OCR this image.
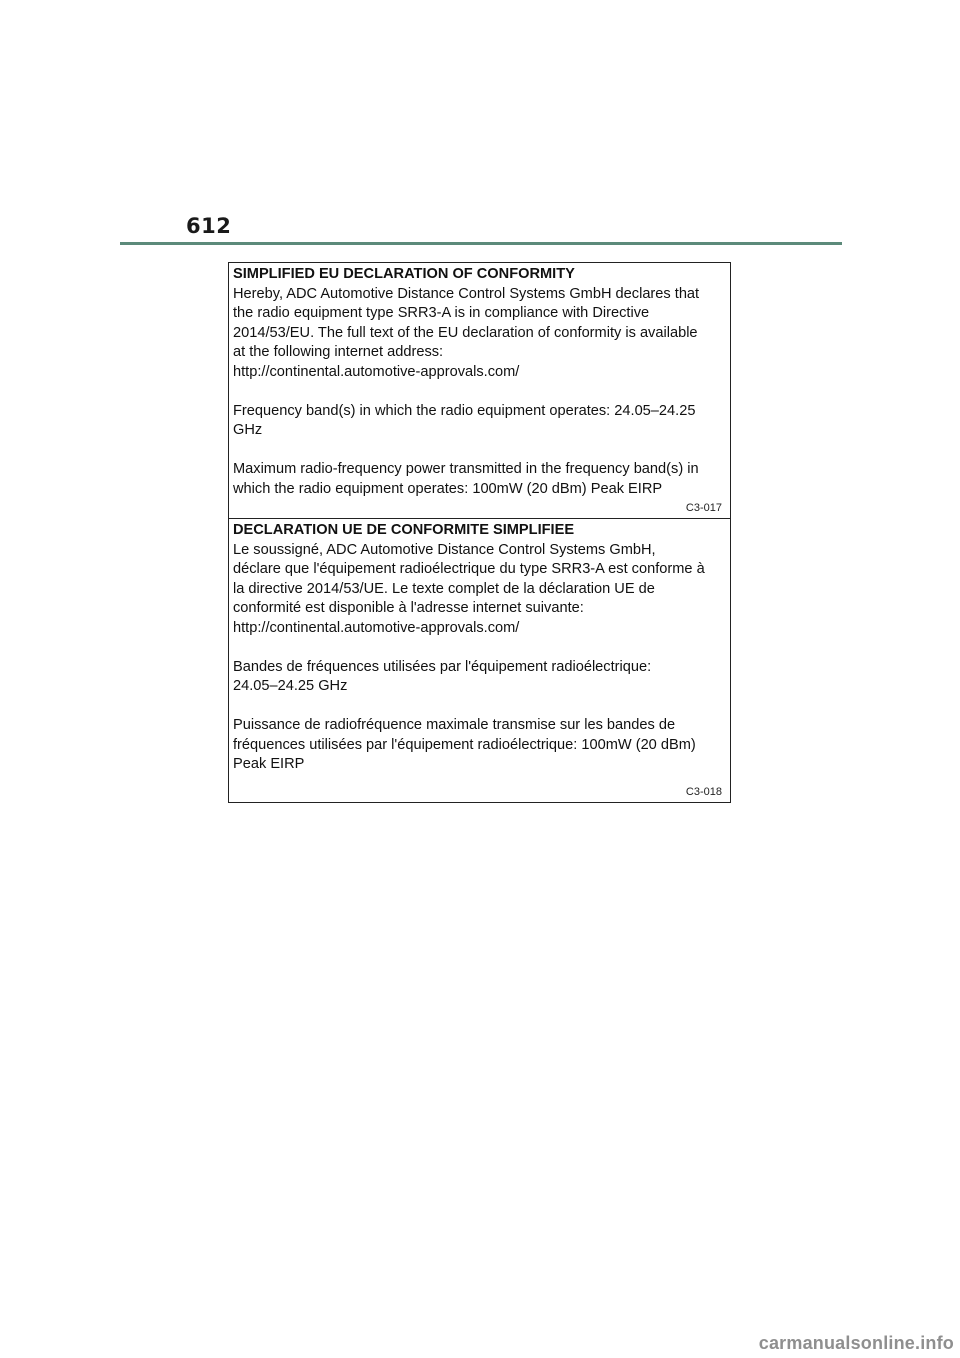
612
SIMPLIFIED EU DECLARATION OF CONFORMITY
Hereby, ADC Automotive Distance Control Systems GmbH declares that
the radio equipment type SRR3-A is in compliance with Directive
2014/53/EU. The full text of the EU declaration of conformity is available
at the following internet address:
http://continental.automotive-approvals.com/
Frequency band(s) in which the radio equipment operates: 24.05–24.25
GHz
Maximum radio-frequency power transmitted in the frequency band(s) in
which the radio equipment operates: 100mW (20 dBm) Peak EIRP
C3-017
DECLARATION UE DE CONFORMITE SIMPLIFIEE
Le soussigné, ADC Automotive Distance Control Systems GmbH,
déclare que l'équipement radioélectrique du type SRR3-A est conforme à
la directive 2014/53/UE. Le texte complet de la déclaration UE de
conformité est disponible à l'adresse internet suivante:
http://continental.automotive-approvals.com/
Bandes de fréquences utilisées par l'équipement radioélectrique:
24.05–24.25 GHz
Puissance de radiofréquence maximale transmise sur les bandes de
fréquences utilisées par l'équipement radioélectrique: 100mW (20 dBm)
Peak EIRP
C3-018
carmanualsonline.info
